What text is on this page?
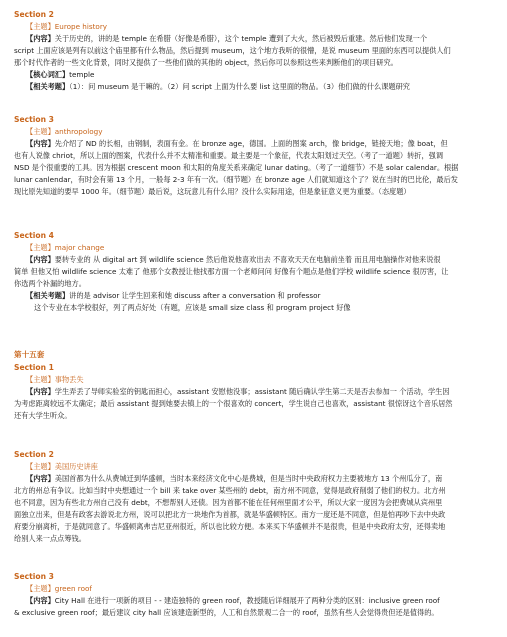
Section 2
【主题】Europe history
【内容】关于历史的，讲的是 temple 在希腊（好像是希腊），这个 temple 遭到了大火，然后被毁后重建。然后他们发现一个
script 上面应该是列有以前这个庙里都有什么物品，然后提到 museum，这个地方我听的很懵，是说 museum 里面的东西可以提供人们
那个时代作者的一些文化背景，同时又提供了一些他们做的其他的 object，然后你可以参照这些来判断他们的项目研究。
【核心词汇】temple
【相关考题】（1）：问 museum 是干嘛的。（2）问 script 上面为什么要 list 这里面的物品。（3）他们做的什么课题研究
Section 3
【主题】anthropology
【内容】先介绍了 ND 的长相，由钢制，表面有金。在 bronze age，德国。上面的图案 arch，像 bridge，链接天地；像 boat，但
也有人说像 chriot，所以上面的图案，代表什么并不太精准和重要。最主要是一个象征，代表太阳划过天空。（考了一道题）转折，强调
NSD 是个很重要的工具。因为根据 crescent moon 和太阳的角度关系来确定 lunar dating。（考了一道细节）不是 solar calendar。根据
lunar canlendar，有时会有第 13 个月，一般每 2-3 年有一次。（细节题）在 bronze age 人们就知道这个了？说在当时的巴比伦，最后发
现比原先知道的要早 1000 年。（细节题）最后说，这玩意儿有什么用？没什么实际用途，但是象征意义更为重要。（态度题）
Section 4
【主题】major change
【内容】要转专业的 从 digital art 到 wildlife science 然后他说他喜欢出去 不喜欢天天在电脑前坐着 而且用电脑操作对他来说很
简单 但他又怕 wildlife science 太难了 他那个女教授让他找那方面一个老师问问 好像有个题点是他们学校 wildlife science 很厉害，让
你选两个补漏的地方。
【相关考题】讲的是 advisor 让学生回来和她 discuss after a conversation 和 professor
这个专业在本学校很好，列了两点好处（有题，应该是 small size class 和 program project 好像
第十五套
Section 1
【主题】事物丢失
【内容】学生弄丢了导师实验室的钥匙而担心，assistant 安慰他没事；assistant 随后确认学生第二天是否去参加一 个活动，学生因
为考虑距离较远不太确定；最后 assistant 提到她要去镇上的一个很喜欢的 concert，学生说自己也喜欢，assistant 很惊讶这个音乐居然
还有大学生听众。
Section 2
【主题】美国历史讲座
【内容】美国首都为什么从费城迁到华盛顿，当时本来经济文化中心是费城，但是当时中央政府权力主要被地方 13 个州瓜分了，南
北方的州总有争议。比如当时中央想通过一个 bill 来 take over 某些州的 debt，南方州不同意，觉得是政府削弱了他们的权力。北方州
也不同意，因为有些北方州自己没有 debt，不想帮别人还债。因为首都不能在任何州里面才公平，所以大家一度因为会把费城从宾州里
面独立出来，但是有政客去游说北方州，说可以把北方一块地作为首都，就是华盛顿特区。南方一度还是不同意，但是怕再吵下去中央政
府要分崩离析，于是就同意了。华盛顿离弗吉尼亚州很近，所以也比较方便。本来买下华盛顿并不是很贵，但是中央政府太穷，还得卖地
给别人来一点点筹钱。
Section 3
【主题】green roof
【内容】City Hall 在进行一项新的项目 - - 建造独特的 green roof，教授随后详细展开了两种分类的区别：inclusive green roof
& exclusive green roof；最后建议 city hall 应该建造新型的，人工和自然景观二合一的 roof，虽然有些人会觉得贵但还是值得的。
